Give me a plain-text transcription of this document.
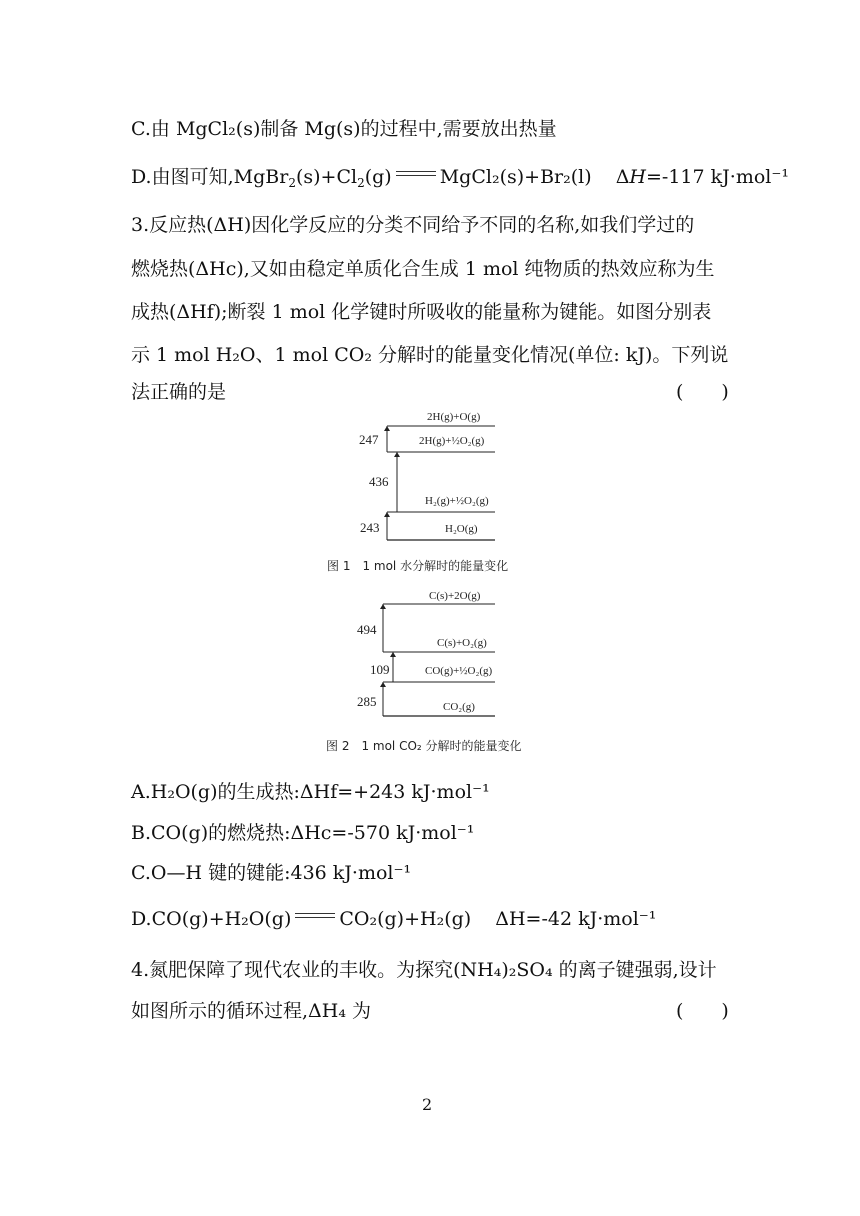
C.由 MgCl₂(s)制备 Mg(s)的过程中,需要放出热量
D.由图可知$,MgBr_2(s)+Cl_2(g)$	MgCl₂(s)+Br₂(l) ΔH=-117 kJ·mol⁻¹
3.反应热(ΔH)因化学反应的分类不同给予不同的名称,如我们学过的
燃烧热(ΔHc),又如由稳定单质化合生成 1 mol 纯物质的热效应称为生
成热(ΔHf);断裂 1 mol 化学键时所吸收的能量称为键能。如图分别表
示 1 mol H₂O、1 mol CO₂ 分解时的能量变化情况(单位: kJ)。下列说
法正确的是	(　　)
247
436
243
2H(g)+O(g)
2H(g)+½O₂(g)
H₂(g)+½O₂(g)
H₂O(g)
图 1　1 mol 水分解时的能量变化
494
109
285
C(s)+2O(g)
C(s)+O₂(g)
CO(g)+½O₂(g)
CO₂(g)
图 2　1 mol CO₂ 分解时的能量变化
A.H₂O(g)的生成热:ΔHf=+243 kJ·mol⁻¹
B.CO(g)的燃烧热:ΔHc=-570 kJ·mol⁻¹
C.O—H 键的键能:436 kJ·mol⁻¹
D.CO(g)+H₂O(g)	CO₂(g)+H₂(g) ΔH=-42 kJ·mol⁻¹
4.氮肥保障了现代农业的丰收。为探究(NH₄)₂SO₄ 的离子键强弱,设计
如图所示的循环过程,ΔH₄ 为	(　　)
2
